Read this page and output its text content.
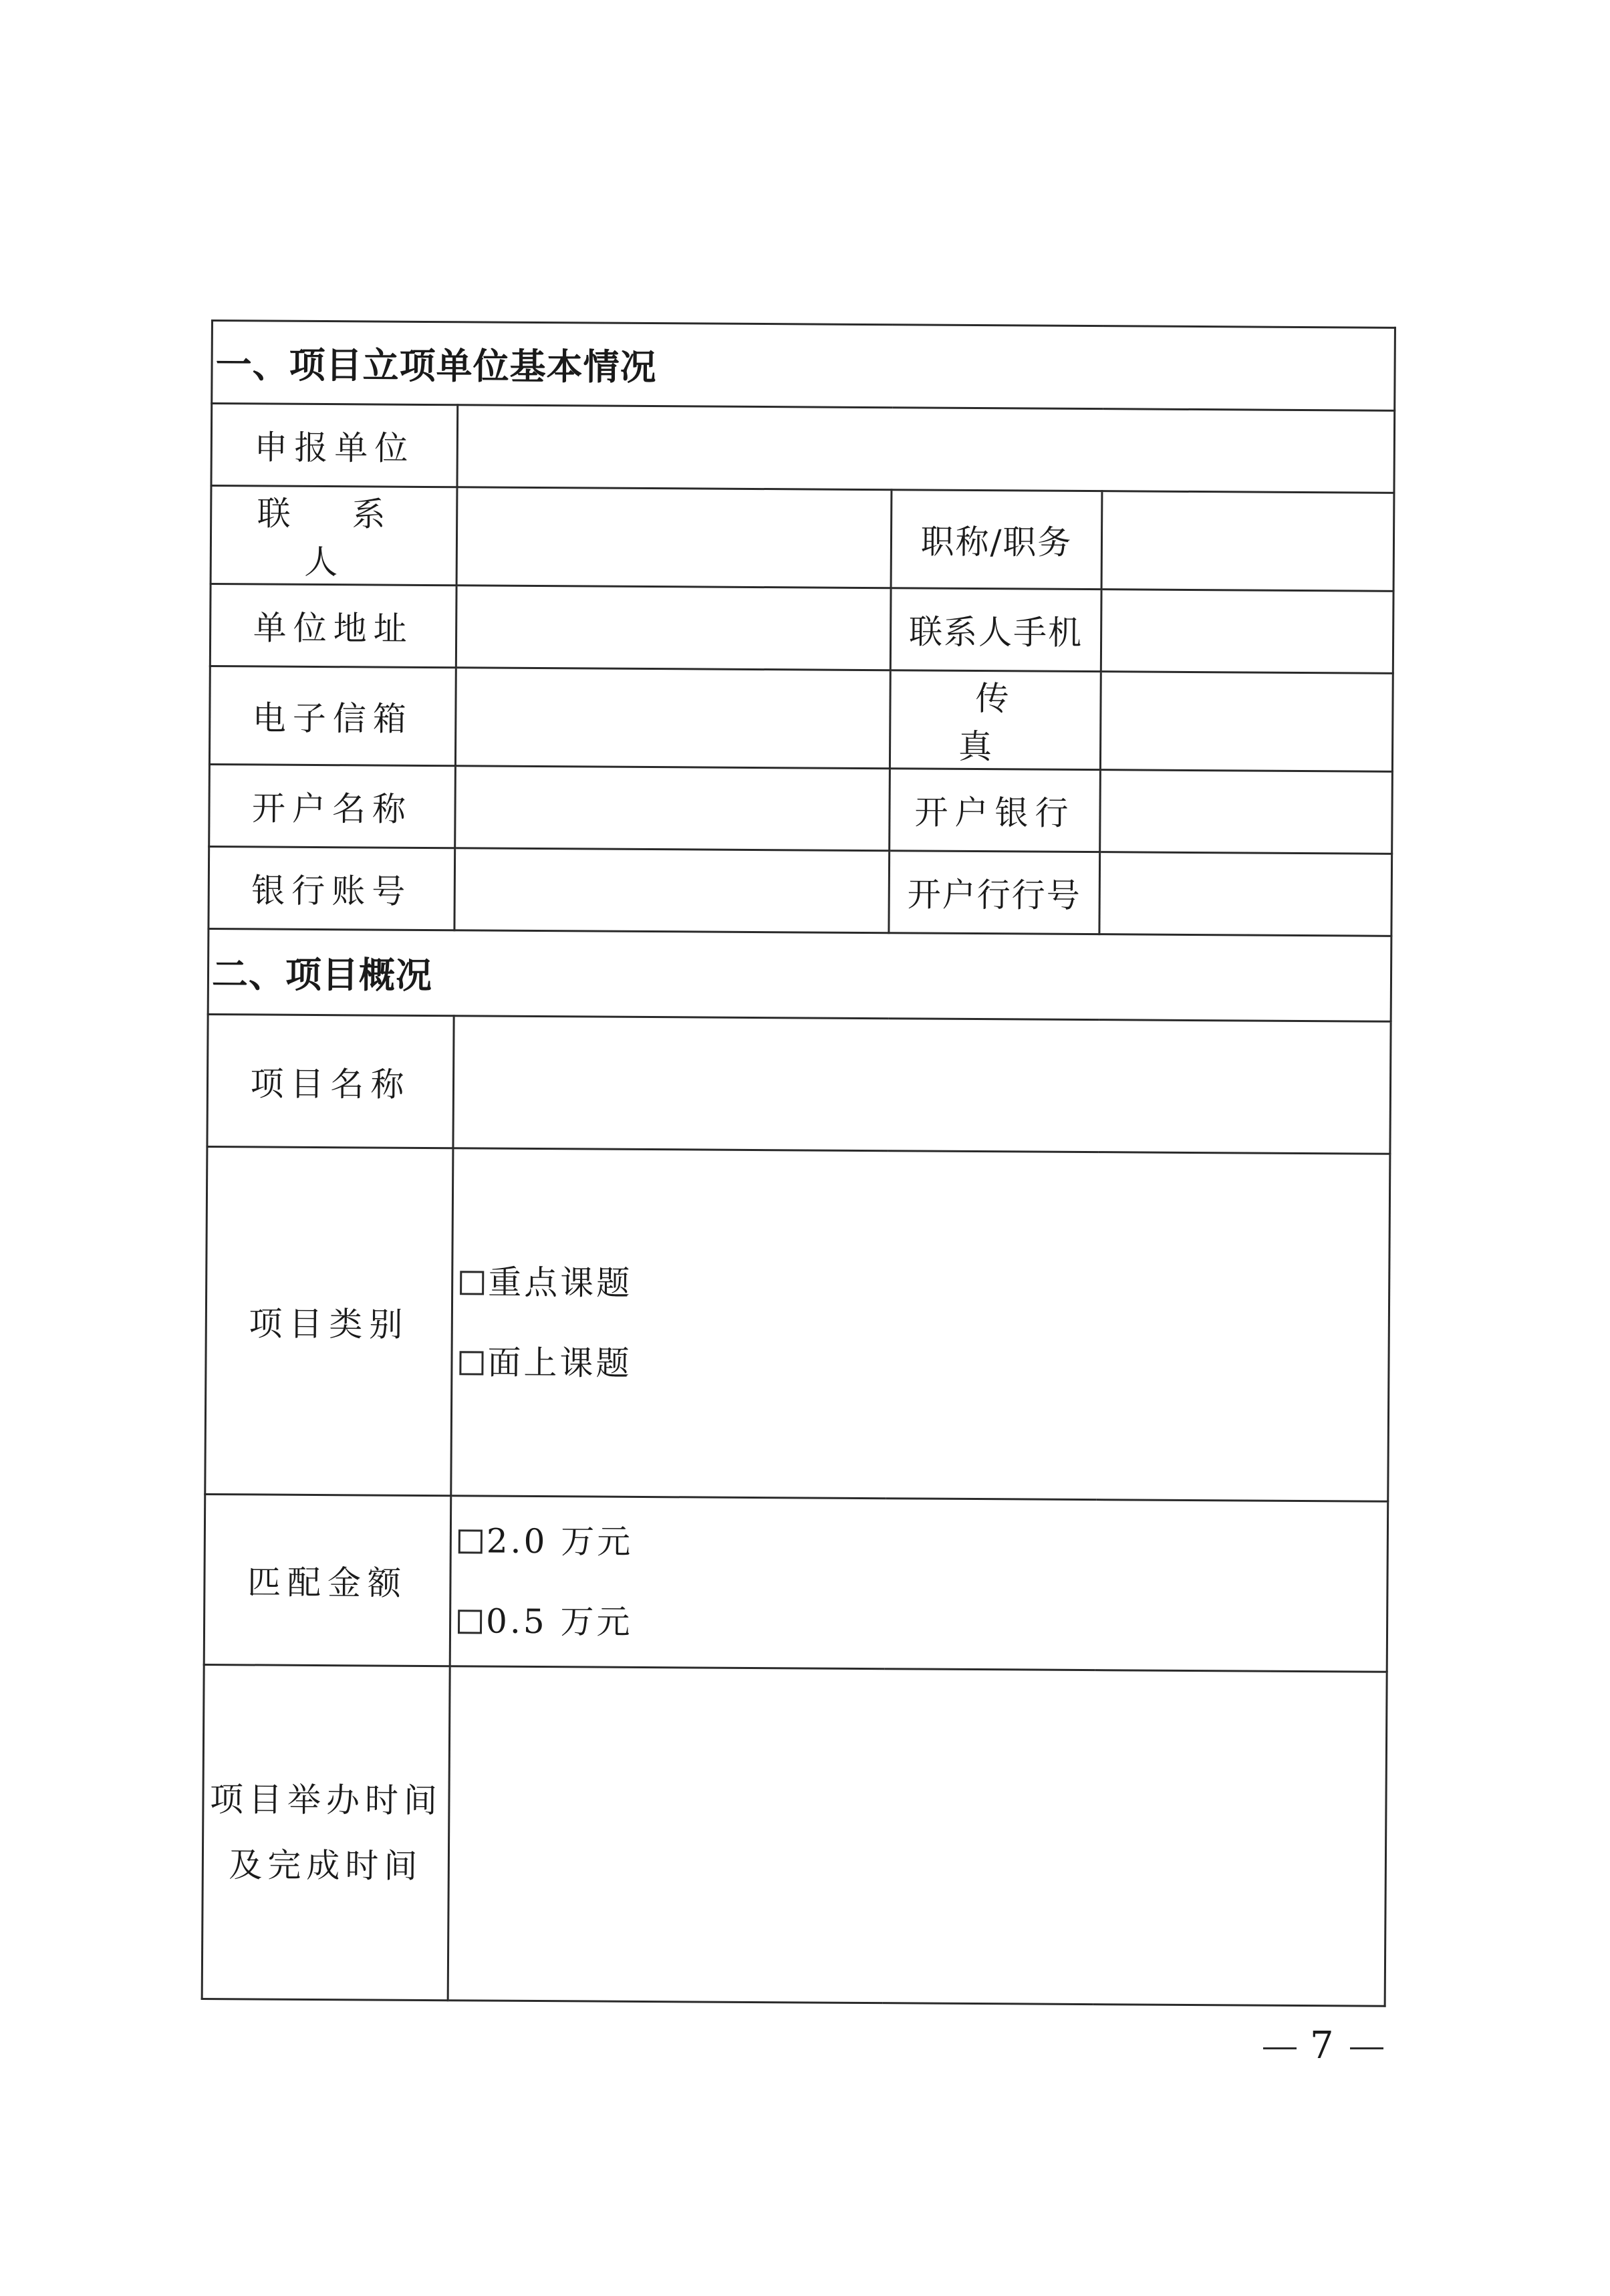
一、项目立项单位基本情况			
申报单位			
联 系 人		职称/职务	
单位地址		联系人手机	
电子信箱		传 真	
开户名称		开户银行	
银行账号		开户行行号	
二、项目概况			
项目名称			
项目类别	重点课题
面上课题		

匹配金额	2.0 万元
0.5 万元		

项目举办时间
及完成时间			

7
